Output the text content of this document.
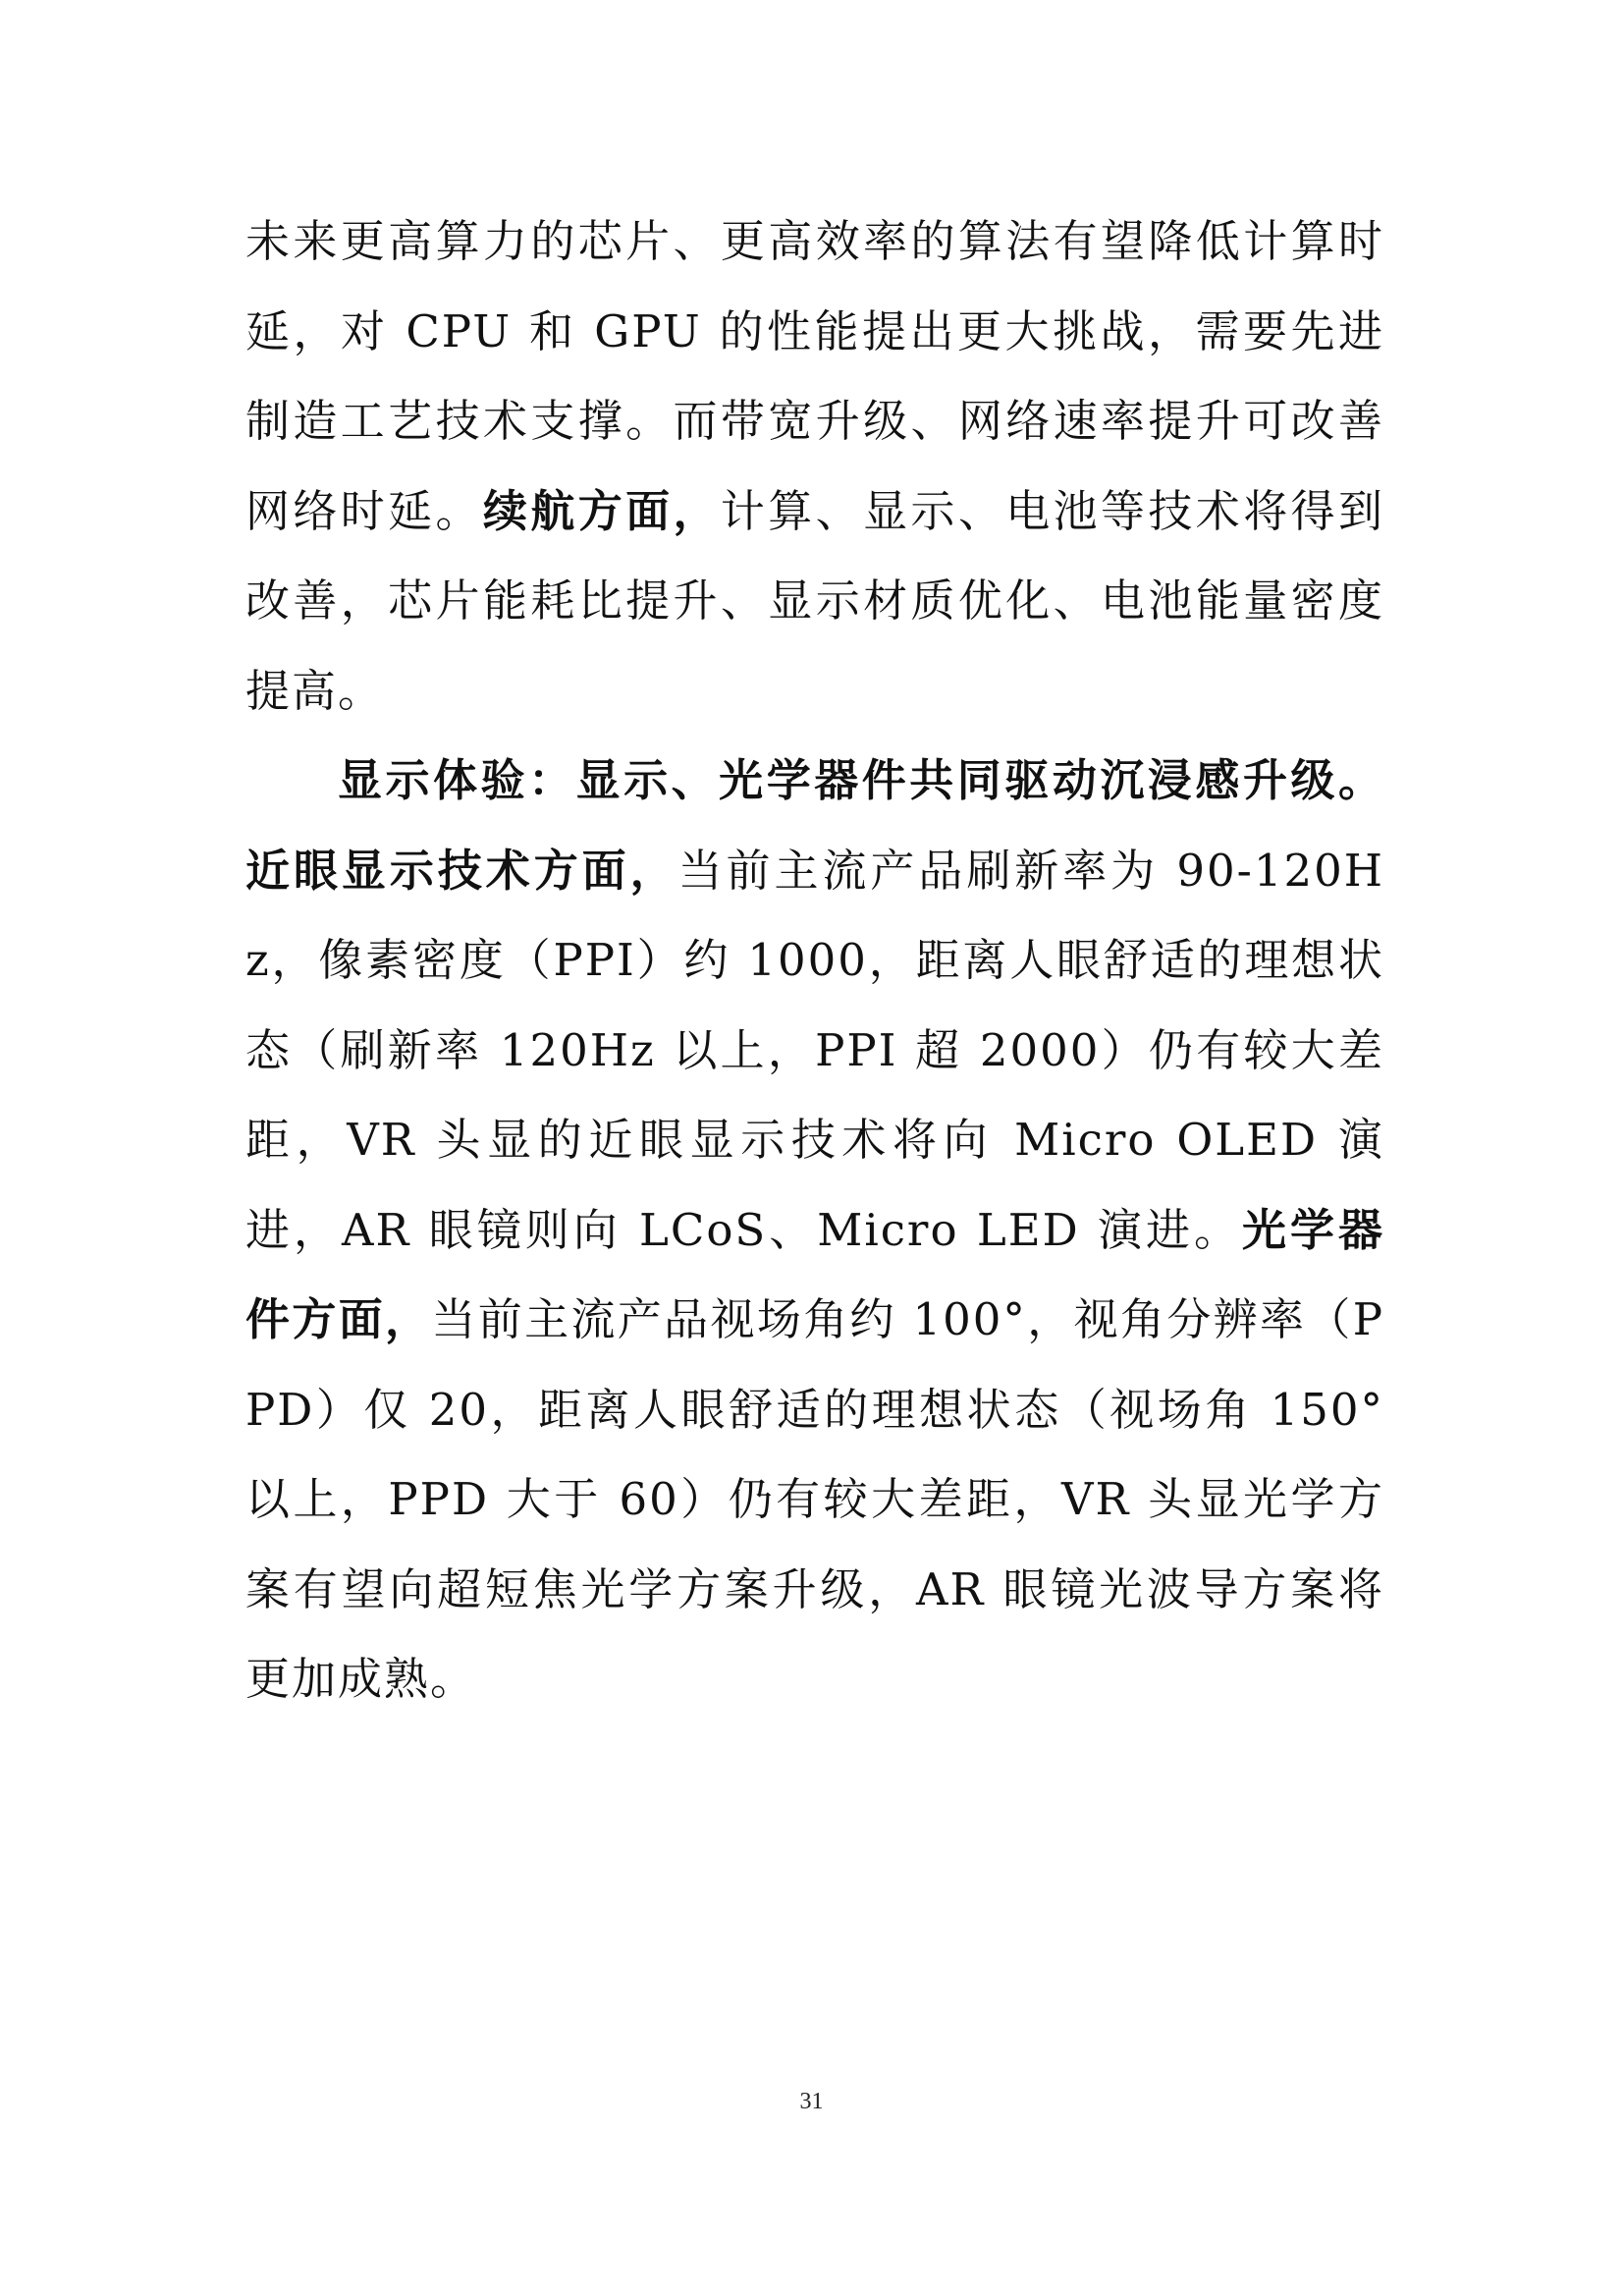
未来更高算力的芯片、更高效率的算法有望降低计算时延，对 CPU 和 GPU 的性能提出更大挑战，需要先进制造工艺技术支撑。而带宽升级、网络速率提升可改善网络时延。续航方面，计算、显示、电池等技术将得到改善，芯片能耗比提升、显示材质优化、电池能量密度提高。

显示体验：显示、光学器件共同驱动沉浸感升级。近眼显示技术方面，当前主流产品刷新率为 90-120Hz，像素密度（PPI）约 1000，距离人眼舒适的理想状态（刷新率 120Hz 以上，PPI 超 2000）仍有较大差距，VR 头显的近眼显示技术将向 Micro OLED 演进，AR 眼镜则向 LCoS、Micro LED 演进。光学器件方面，当前主流产品视场角约 100°，视角分辨率（PPD）仅 20，距离人眼舒适的理想状态（视场角 150° 以上，PPD 大于 60）仍有较大差距，VR 头显光学方案有望向超短焦光学方案升级，AR 眼镜光波导方案将更加成熟。

31
